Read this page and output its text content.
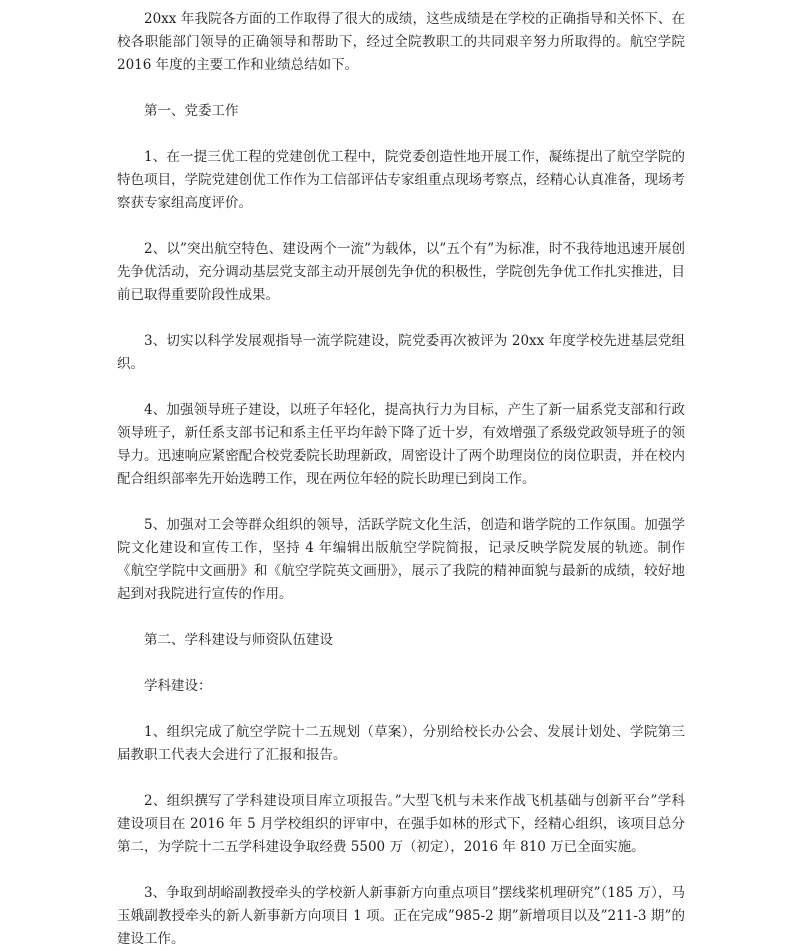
20xx 年我院各方面的工作取得了很大的成绩，这些成绩是在学校的正确指导和关怀下、在校各职能部门领导的正确领导和帮助下，经过全院教职工的共同艰辛努力所取得的。航空学院 2016 年度的主要工作和业绩总结如下。

第一、党委工作

1、在一提三优工程的党建创优工程中，院党委创造性地开展工作，凝练提出了航空学院的特色项目，学院党建创优工作作为工信部评估专家组重点现场考察点，经精心认真准备，现场考察获专家组高度评价。

2、以”突出航空特色、建设两个一流”为载体，以”五个有”为标准，时不我待地迅速开展创先争优活动，充分调动基层党支部主动开展创先争优的积极性，学院创先争优工作扎实推进，目前已取得重要阶段性成果。

3、切实以科学发展观指导一流学院建设，院党委再次被评为 20xx 年度学校先进基层党组织。

4、加强领导班子建设，以班子年轻化，提高执行力为目标，产生了新一届系党支部和行政领导班子，新任系支部书记和系主任平均年龄下降了近十岁，有效增强了系级党政领导班子的领导力。迅速响应紧密配合校党委院长助理新政，周密设计了两个助理岗位的岗位职责，并在校内配合组织部率先开始选聘工作，现在两位年轻的院长助理已到岗工作。

5、加强对工会等群众组织的领导，活跃学院文化生活，创造和谐学院的工作氛围。加强学院文化建设和宣传工作，坚持 4 年编辑出版航空学院简报，记录反映学院发展的轨迹。制作《航空学院中文画册》和《航空学院英文画册》，展示了我院的精神面貌与最新的成绩，较好地起到对我院进行宣传的作用。

第二、学科建设与师资队伍建设

学科建设：

1、组织完成了航空学院十二五规划（草案），分别给校长办公会、发展计划处、学院第三届教职工代表大会进行了汇报和报告。

2、组织撰写了学科建设项目库立项报告。”大型飞机与未来作战飞机基础与创新平台”学科建设项目在 2016 年 5 月学校组织的评审中，在强手如林的形式下，经精心组织，该项目总分第二，为学院十二五学科建设争取经费 5500 万（初定），2016 年 810 万已全面实施。

3、争取到胡峪副教授牵头的学校新人新事新方向重点项目”摆线桨机理研究”（185 万），马玉娥副教授牵头的新人新事新方向项目 1 项。正在完成”985-2 期”新增项目以及”211-3 期”的建设工作。
